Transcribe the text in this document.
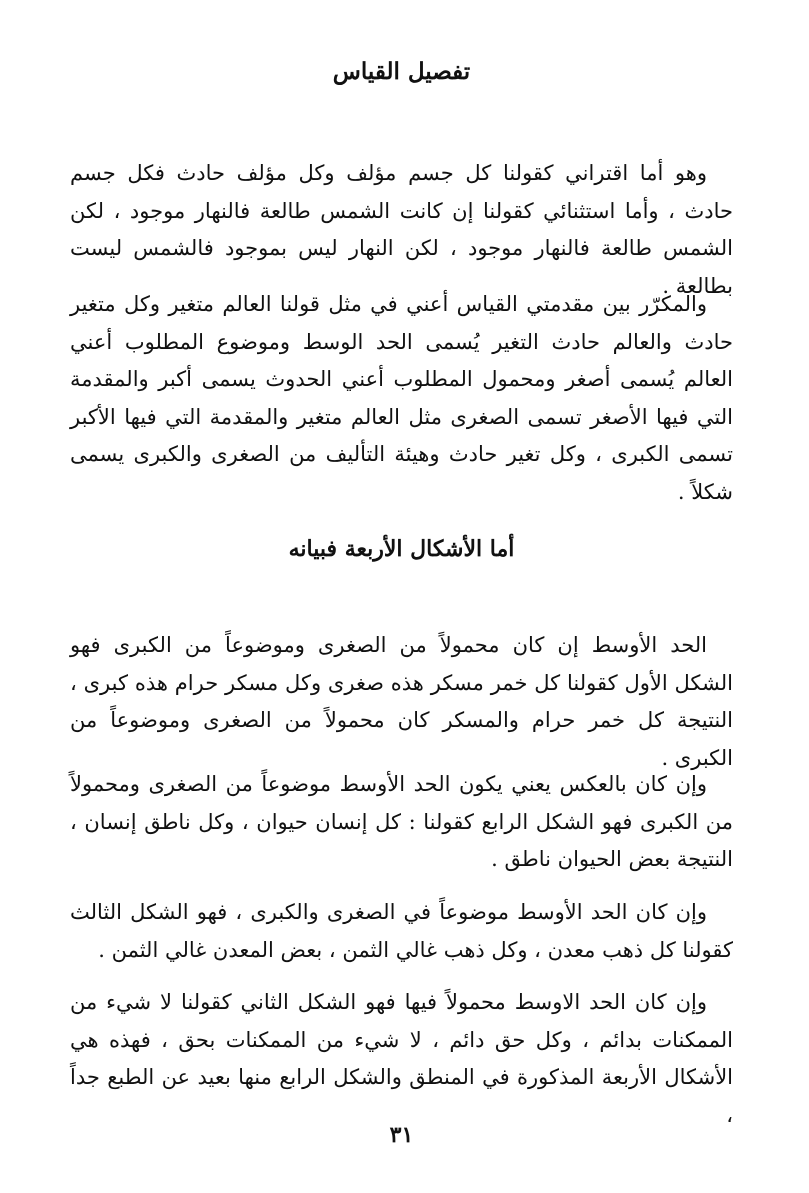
تفصيل القياس

وهو أما اقتراني كقولنا كل جسم مؤلف وكل مؤلف حادث فكل جسم حادث ، وأما استثنائي كقولنا إن كانت الشمس طالعة فالنهار موجود ، لكن الشمس طالعة فالنهار موجود ، لكن النهار ليس بموجود فالشمس ليست بطالعة .

والمكرّر بين مقدمتي القياس أعني في مثل قولنا العالم متغير وكل متغير حادث والعالم حادث التغير يُسمى الحد الوسط وموضوع المطلوب أعني العالم يُسمى أصغر ومحمول المطلوب أعني الحدوث يسمى أكبر والمقدمة التي فيها الأصغر تسمى الصغرى مثل العالم متغير والمقدمة التي فيها الأكبر تسمى الكبرى ، وكل تغير حادث وهيئة التأليف من الصغرى والكبرى يسمى شكلاً .

أما الأشكال الأربعة فبيانه

الحد الأوسط إن كان محمولاً من الصغرى وموضوعاً من الكبرى فهو الشكل الأول كقولنا كل خمر مسكر هذه صغرى وكل مسكر حرام هذه كبرى ، النتيجة كل خمر حرام والمسكر كان محمولاً من الصغرى وموضوعاً من الكبرى .

وإن كان بالعكس يعني يكون الحد الأوسط موضوعاً من الصغرى ومحمولاً من الكبرى فهو الشكل الرابع كقولنا : كل إنسان حيوان ، وكل ناطق إنسان ، النتيجة بعض الحيوان ناطق .

وإن كان الحد الأوسط موضوعاً في الصغرى والكبرى ، فهو الشكل الثالث كقولنا كل ذهب معدن ، وكل ذهب غالي الثمن ، بعض المعدن غالي الثمن .

وإن كان الحد الاوسط محمولاً فيها فهو الشكل الثاني كقولنا لا شيء من الممكنات بدائم ، وكل حق دائم ، لا شيء من الممكنات بحق ، فهذه هي الأشكال الأربعة المذكورة في المنطق والشكل الرابع منها بعيد عن الطبع جداً ،

٣١
